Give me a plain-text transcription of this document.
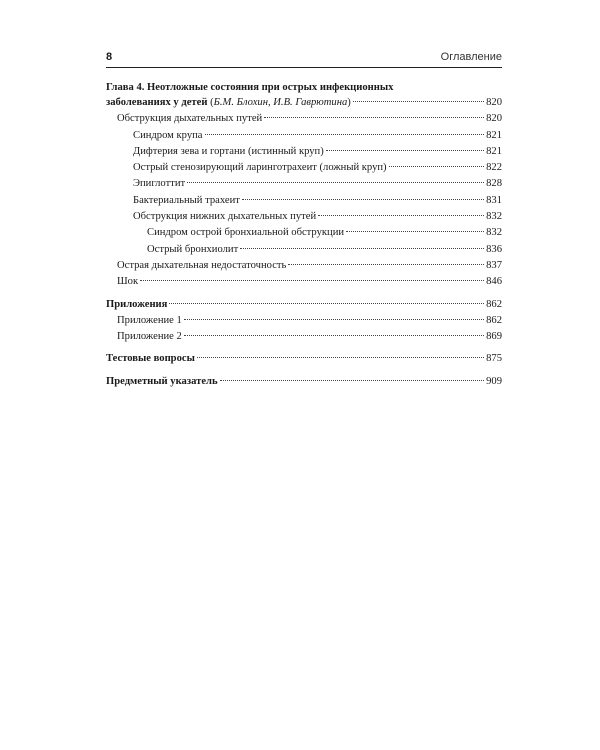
8	Оглавление
Глава 4. Неотложные состояния при острых инфекционных
заболеваниях у детей (Б.М. Блохин, И.В. Гаврютина)	820
Обструкция дыхательных путей	820
Синдром крупа	821
Дифтерия зева и гортани (истинный круп)	821
Острый стенозирующий ларинготрахеит (ложный круп)	822
Эпиглоттит	828
Бактериальный трахеит	831
Обструкция нижних дыхательных путей	832
Синдром острой бронхиальной обструкции	832
Острый бронхиолит	836
Острая дыхательная недостаточность	837
Шок	846
Приложения	862
Приложение 1	862
Приложение 2	869
Тестовые вопросы	875
Предметный указатель	909
